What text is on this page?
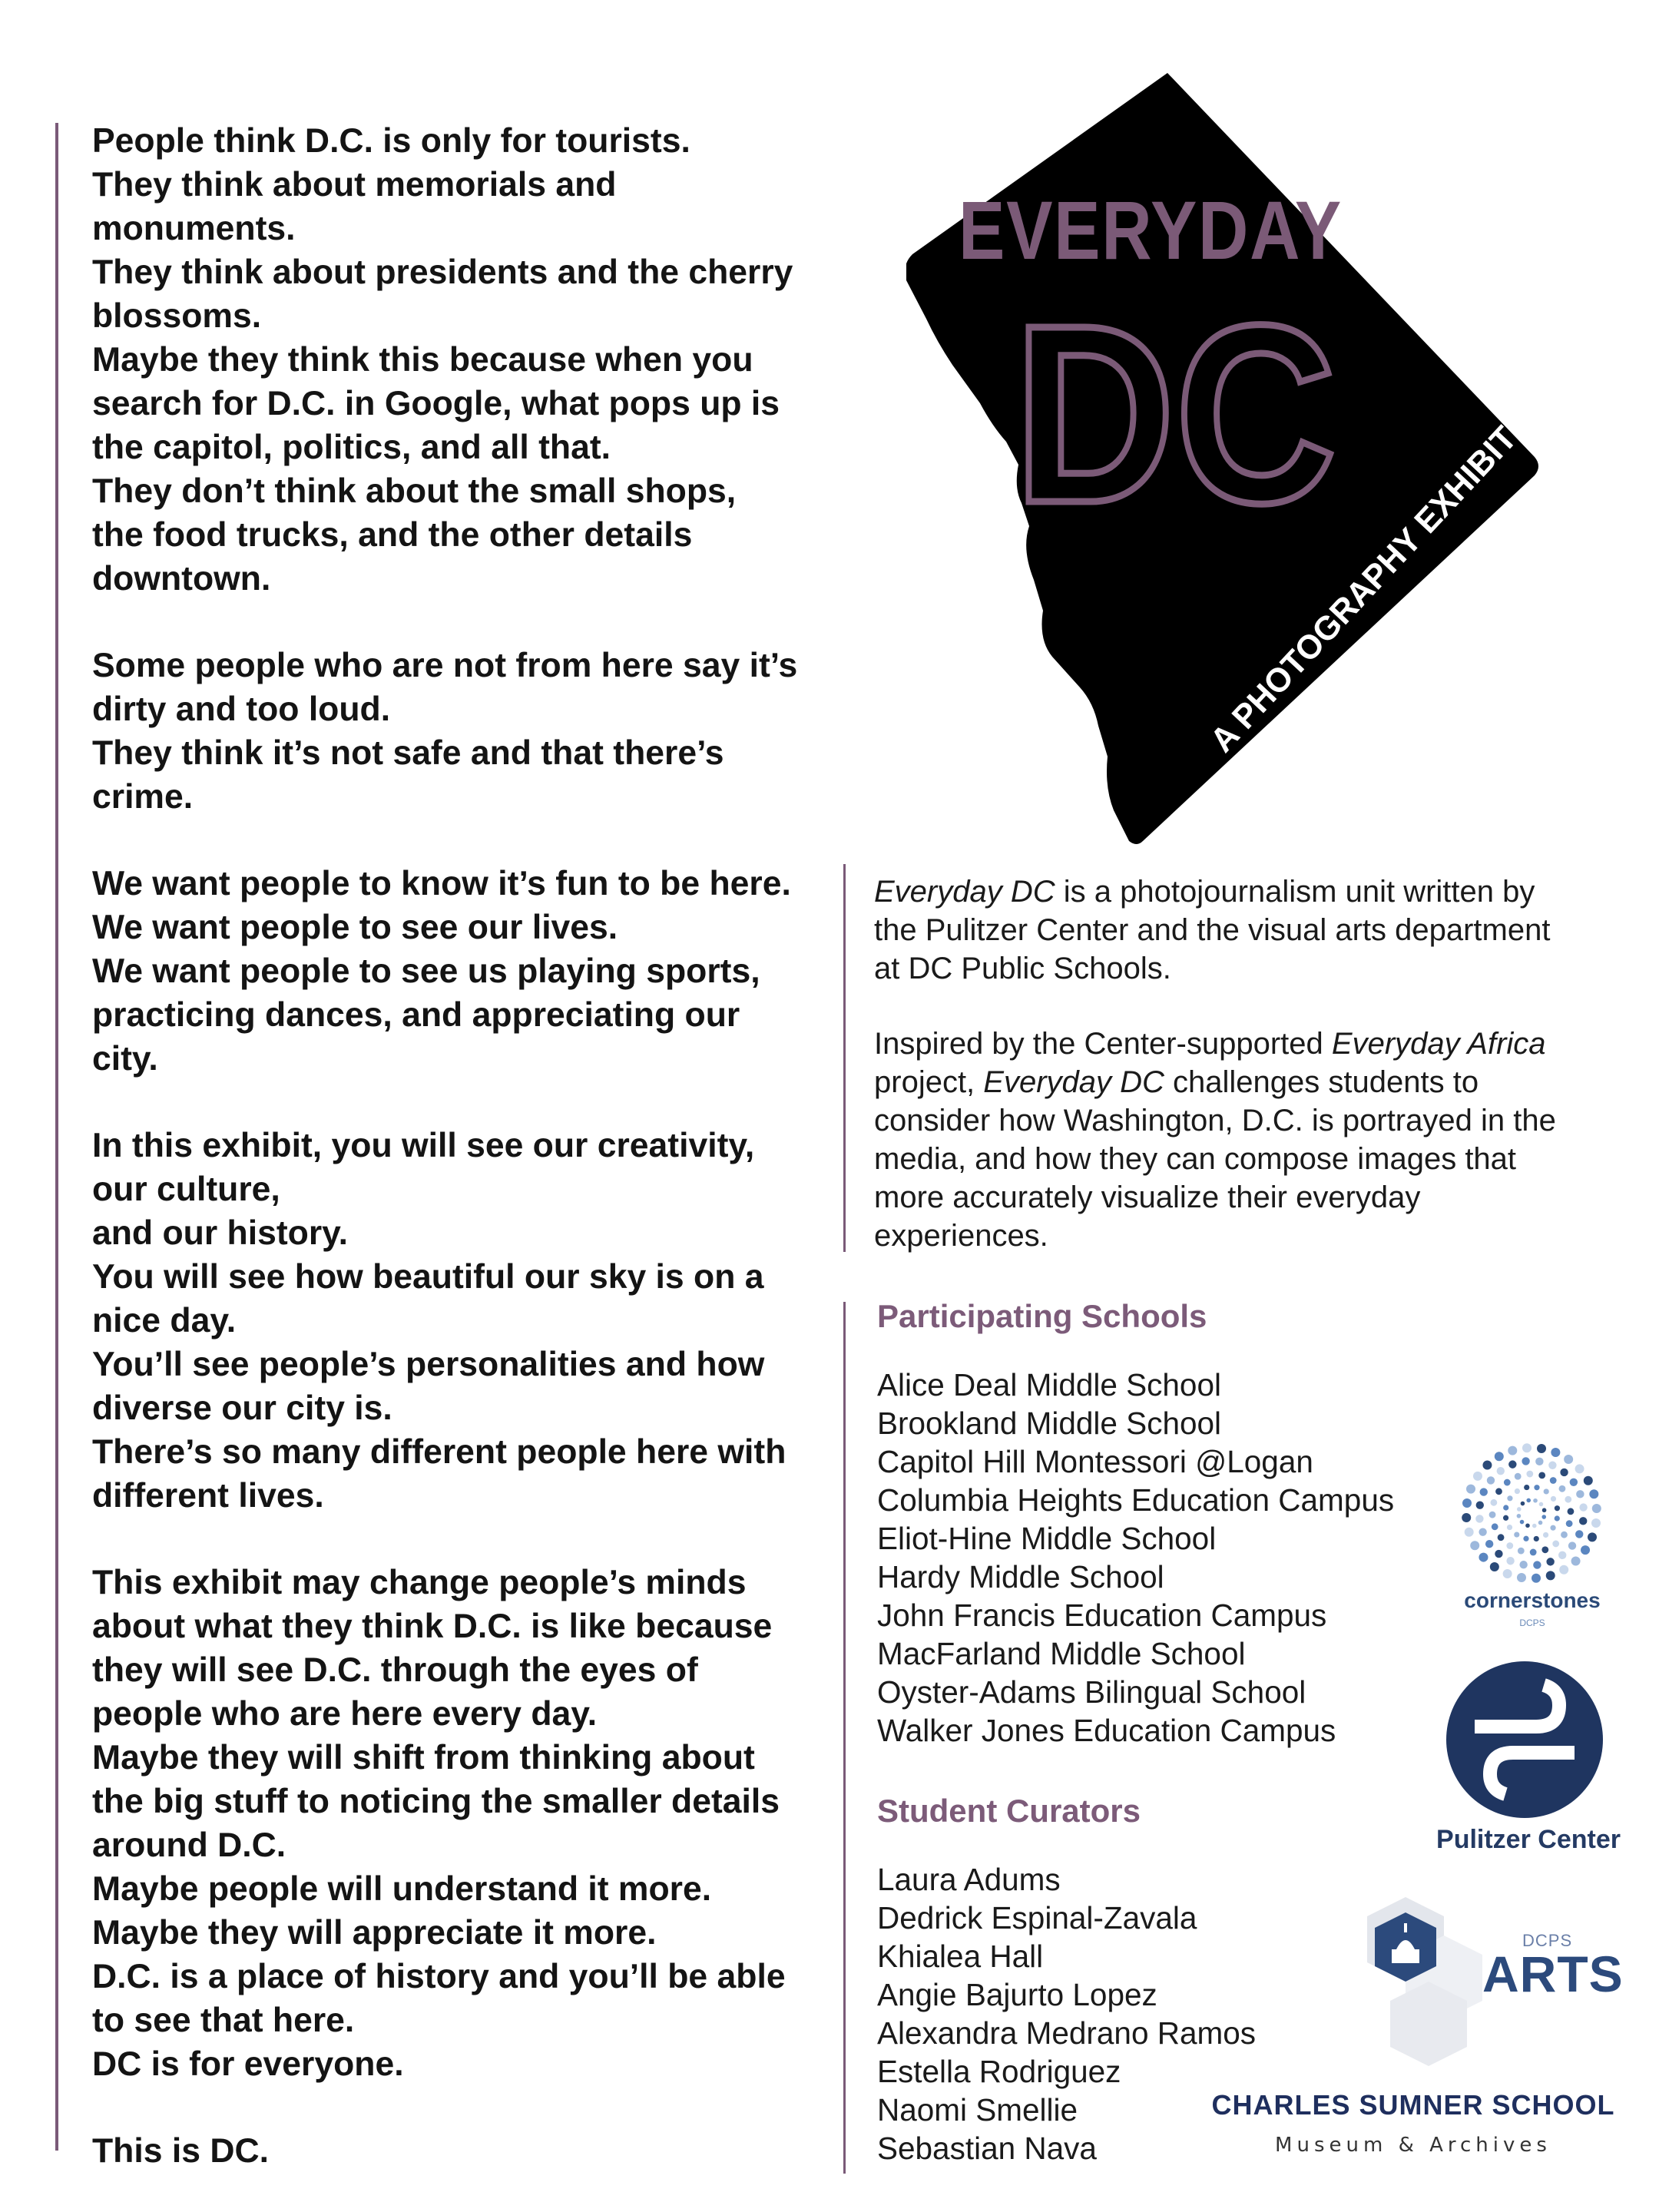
People think D.C. is only for tourists.
They think about memorials and
monuments.
They think about presidents and the cherry
blossoms.
Maybe they think this because when you
search for D.C. in Google, what pops up is
the capitol, politics, and all that.
They don’t think about the small shops,
the food trucks, and the other details
downtown.
Some people who are not from here say it’s
dirty and too loud.
They think it’s not safe and that there’s
crime.
We want people to know it’s fun to be here.
We want people to see our lives.
We want people to see us playing sports,
practicing dances, and appreciating our
city.
In this exhibit, you will see our creativity,
our culture,
and our history.
You will see how beautiful our sky is on a
nice day.
You’ll see people’s personalities and how
diverse our city is.
There’s so many different people here with
different lives.
This exhibit may change people’s minds
about what they think D.C. is like because
they will see D.C. through the eyes of
people who are here every day.
Maybe they will shift from thinking about
the big stuff to noticing the smaller details
around D.C.
Maybe people will understand it more.
Maybe they will appreciate it more.
D.C. is a place of history and you’ll be able
to see that here.
DC is for everyone.
This is DC.
EVERYDAY
DC
A PHOTOGRAPHY EXHIBIT

Everyday DC is a photojournalism unit written by the Pulitzer Center and the visual arts department at DC Public Schools.

Inspired by the Center-supported Everyday Africa project, Everyday DC challenges students to consider how Washington, D.C. is portrayed in the media, and how they can compose images that more accurately visualize their everyday experiences.

Participating Schools
Alice Deal Middle School
Brookland Middle School
Capitol Hill Montessori @Logan
Columbia Heights Education Campus
Eliot-Hine Middle School
Hardy Middle School
John Francis Education Campus
MacFarland Middle School
Oyster-Adams Bilingual School
Walker Jones Education Campus
Student Curators
Laura Adums
Dedrick Espinal-Zavala
Khialea Hall
Angie Bajurto Lopez
Alexandra Medrano Ramos
Estella Rodriguez
Naomi Smellie
Sebastian Nava
cornerstones
DCPS
Pulitzer Center
DCPS
ARTS
CHARLES SUMNER SCHOOL
Museum & Archives
